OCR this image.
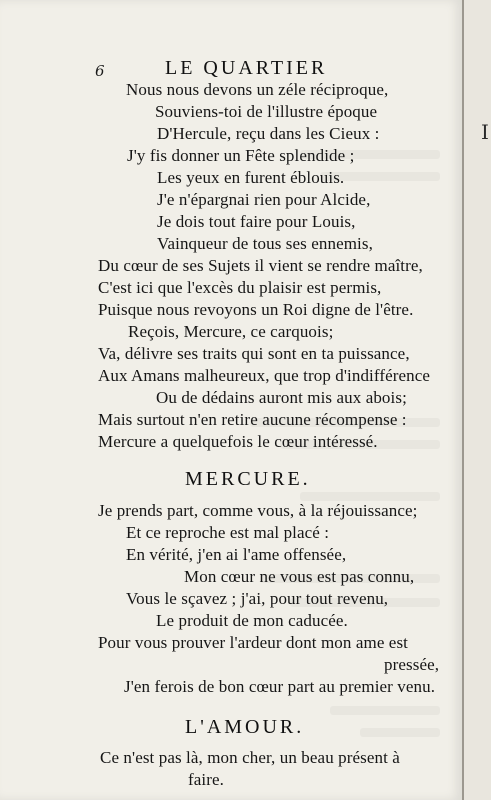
6	LE QUARTIER
Nous nous devons un zéle réciproque,
Souviens-toi de l'illustre époque
D'Hercule, reçu dans les Cieux :
J'y fis donner un Fête splendide ;
Les yeux en furent éblouis.
J'e n'épargnai rien pour Alcide,
Je dois tout faire pour Louis,
Vainqueur de tous ses ennemis,
Du cœur de ses Sujets il vient se rendre maître,
C'est ici que l'excès du plaisir est permis,
Puisque nous revoyons un Roi digne de l'être.
Reçois, Mercure, ce carquois;
Va, délivre ses traits qui sont en ta puissance,
Aux Amans malheureux, que trop d'indifférence
Ou de dédains auront mis aux abois;
Mais surtout n'en retire aucune récompense :
Mercure a quelquefois le cœur intéressé.
MERCURE.
Je prends part, comme vous, à la réjouissance;
Et ce reproche est mal placé :
En vérité, j'en ai l'ame offensée,
Mon cœur ne vous est pas connu,
Vous le sçavez ; j'ai, pour tout revenu,
Le produit de mon caducée.
Pour vous prouver l'ardeur dont mon ame est
pressée,
J'en ferois de bon cœur part au premier venu.
L'AMOUR.
Ce n'est pas là, mon cher, un beau présent à
faire.
I
